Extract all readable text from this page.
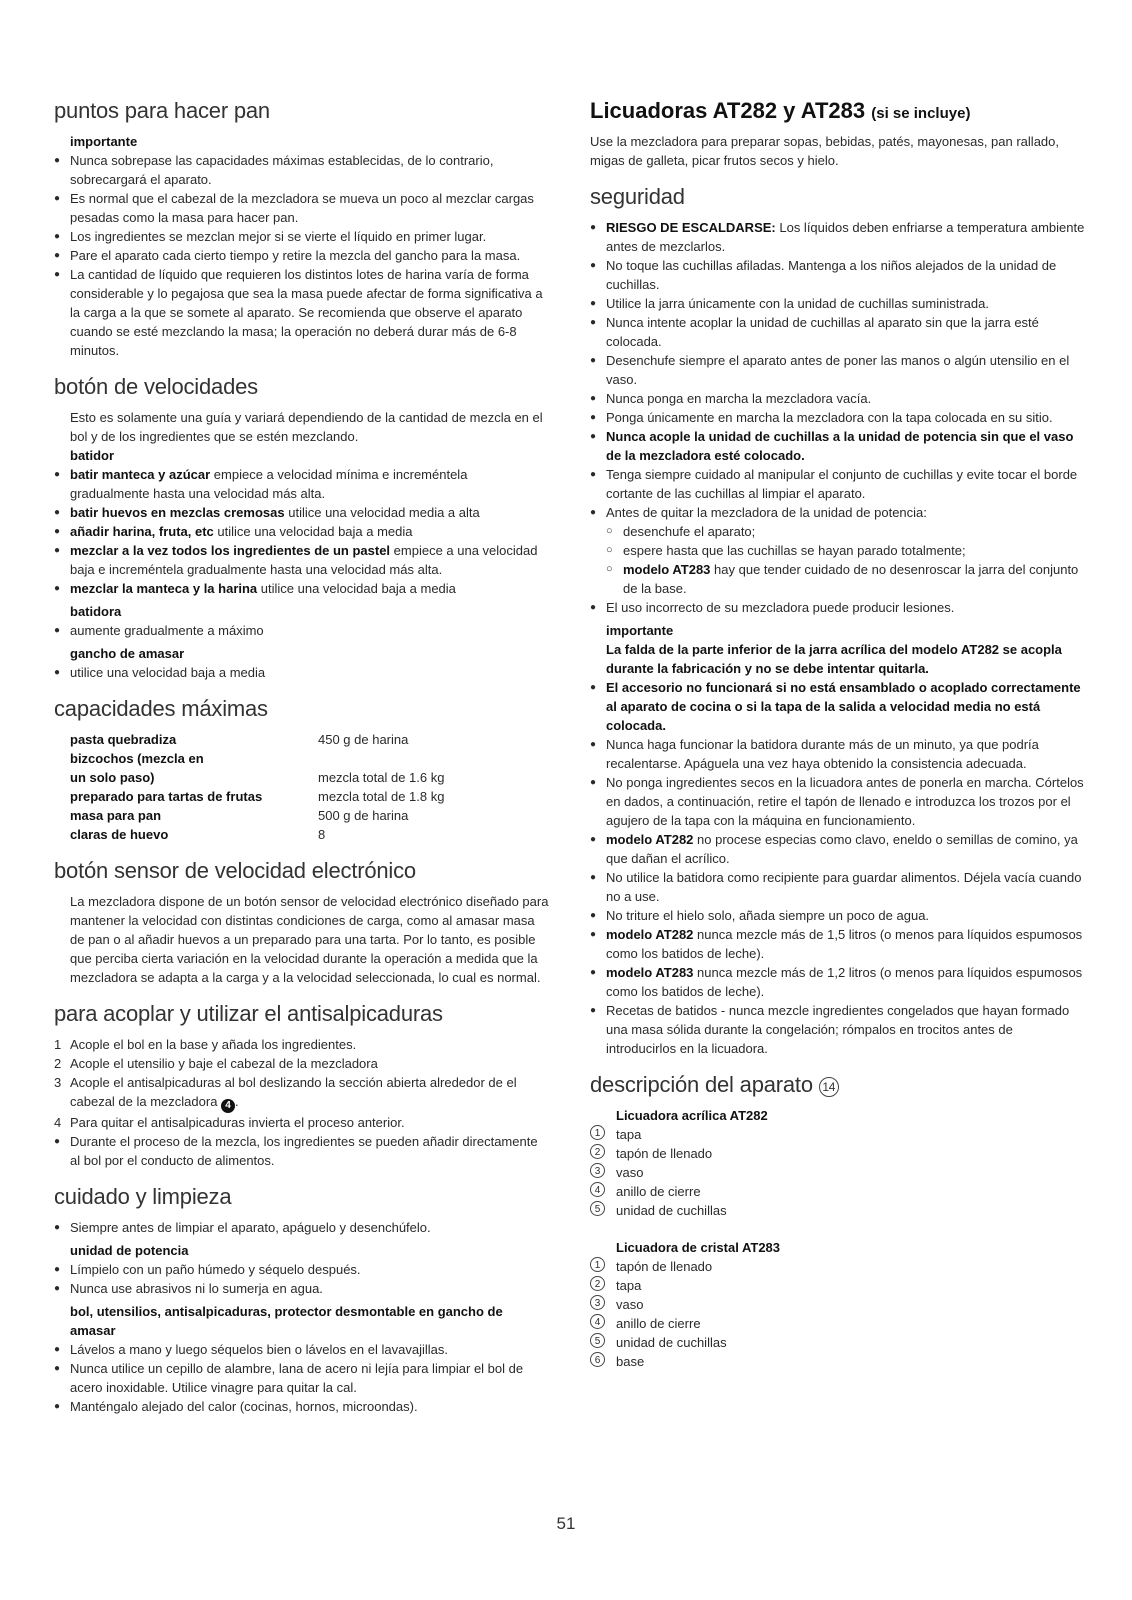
puntos para hacer pan
importante
● Nunca sobrepase las capacidades máximas establecidas, de lo contrario, sobrecargará el aparato.
● Es normal que el cabezal de la mezcladora se mueva un poco al mezclar cargas pesadas como la masa para hacer pan.
● Los ingredientes se mezclan mejor si se vierte el líquido en primer lugar.
● Pare el aparato cada cierto tiempo y retire la mezcla del gancho para la masa.
● La cantidad de líquido que requieren los distintos lotes de harina varía de forma considerable y lo pegajosa que sea la masa puede afectar de forma significativa a la carga a la que se somete al aparato. Se recomienda que observe el aparato cuando se esté mezclando la masa; la operación no deberá durar más de 6-8 minutos.
botón de velocidades

Esto es solamente una guía y variará dependiendo de la cantidad de mezcla en el bol y de los ingredientes que se estén mezclando.

batidor
● batir manteca y azúcar empiece a velocidad mínima e increméntela gradualmente hasta una velocidad más alta.
● batir huevos en mezclas cremosas utilice una velocidad media a alta
● añadir harina, fruta, etc utilice una velocidad baja a media
● mezclar a la vez todos los ingredientes de un pastel empiece a una velocidad baja e increméntela gradualmente hasta una velocidad más alta.
● mezclar la manteca y la harina utilice una velocidad baja a media
batidora
● aumente gradualmente a máximo
gancho de amasar
● utilice una velocidad baja a media
capacidades máximas
pasta quebradiza	450 g de harina
bizcochos (mezcla en	
un solo paso)	mezcla total de 1.6 kg
preparado para tartas de frutas	mezcla total de 1.8 kg
masa para pan	500 g de harina
claras de huevo	8
botón sensor de velocidad electrónico

La mezcladora dispone de un botón sensor de velocidad electrónico diseñado para mantener la velocidad con distintas condiciones de carga, como al amasar masa de pan o al añadir huevos a un preparado para una tarta. Por lo tanto, es posible que perciba cierta variación en la velocidad durante la operación a medida que la mezcladora se adapta a la carga y a la velocidad seleccionada, lo cual es normal.

para acoplar y utilizar el antisalpicaduras
1 Acople el bol en la base y añada los ingredientes.
2 Acople el utensilio y baje el cabezal de la mezcladora
3 Acople el antisalpicaduras al bol deslizando la sección abierta alrededor de el cabezal de la mezcladora 4 .
4 Para quitar el antisalpicaduras invierta el proceso anterior.
● Durante el proceso de la mezcla, los ingredientes se pueden añadir directamente al bol por el conducto de alimentos.
cuidado y limpieza
● Siempre antes de limpiar el aparato, apáguelo y desenchúfelo.
unidad de potencia
● Límpielo con un paño húmedo y séquelo después.
● Nunca use abrasivos ni lo sumerja en agua.
bol, utensilios, antisalpicaduras, protector desmontable en gancho de amasar
● Lávelos a mano y luego séquelos bien o lávelos en el lavavajillas.
● Nunca utilice un cepillo de alambre, lana de acero ni lejía para limpiar el bol de acero inoxidable. Utilice vinagre para quitar la cal.
● Manténgalo alejado del calor (cocinas, hornos, microondas).
Licuadoras AT282 y AT283 (si se incluye)

Use la mezcladora para preparar sopas, bebidas, patés, mayonesas, pan rallado, migas de galleta, picar frutos secos y hielo.

seguridad
● RIESGO DE ESCALDARSE: Los líquidos deben enfriarse a temperatura ambiente antes de mezclarlos.
● No toque las cuchillas afiladas. Mantenga a los niños alejados de la unidad de cuchillas.
● Utilice la jarra únicamente con la unidad de cuchillas suministrada.
● Nunca intente acoplar la unidad de cuchillas al aparato sin que la jarra esté colocada.
● Desenchufe siempre el aparato antes de poner las manos o algún utensilio en el vaso.
● Nunca ponga en marcha la mezcladora vacía.
● Ponga únicamente en marcha la mezcladora con la tapa colocada en su sitio.
● Nunca acople la unidad de cuchillas a la unidad de potencia sin que el vaso de la mezcladora esté colocado.
● Tenga siempre cuidado al manipular el conjunto de cuchillas y evite tocar el borde cortante de las cuchillas al limpiar el aparato.
● Antes de quitar la mezcladora de la unidad de potencia:
○ desenchufe el aparato;
○ espere hasta que las cuchillas se hayan parado totalmente;
○ modelo AT283 hay que tender cuidado de no desenroscar la jarra del conjunto de la base.
● El uso incorrecto de su mezcladora puede producir lesiones.
importante
La falda de la parte inferior de la jarra acrílica del modelo AT282 se acopla durante la fabricación y no se debe intentar quitarla.
● El accesorio no funcionará si no está ensamblado o acoplado correctamente al aparato de cocina o si la tapa de la salida a velocidad media no está colocada.
● Nunca haga funcionar la batidora durante más de un minuto, ya que podría recalentarse. Apáguela una vez haya obtenido la consistencia adecuada.
● No ponga ingredientes secos en la licuadora antes de ponerla en marcha. Córtelos en dados, a continuación, retire el tapón de llenado e introduzca los trozos por el agujero de la tapa con la máquina en funcionamiento.
● modelo AT282 no procese especias como clavo, eneldo o semillas de comino, ya que dañan el acrílico.
● No utilice la batidora como recipiente para guardar alimentos. Déjela vacía cuando no a use.
● No triture el hielo solo, añada siempre un poco de agua.
● modelo AT282 nunca mezcle más de 1,5 litros (o menos para líquidos espumosos como los batidos de leche).
● modelo AT283 nunca mezcle más de 1,2 litros (o menos para líquidos espumosos como los batidos de leche).
● Recetas de batidos - nunca mezcle ingredientes congelados que hayan formado una masa sólida durante la congelación; rómpalos en trocitos antes de introducirlos en la licuadora.
descripción del aparato 14
Licuadora acrílica AT282
1	tapa
2	tapón de llenado
3	vaso
4	anillo de cierre
5	unidad de cuchillas
Licuadora de cristal AT283
1	tapón de llenado
2	tapa
3	vaso
4	anillo de cierre
5	unidad de cuchillas
6	base
51
